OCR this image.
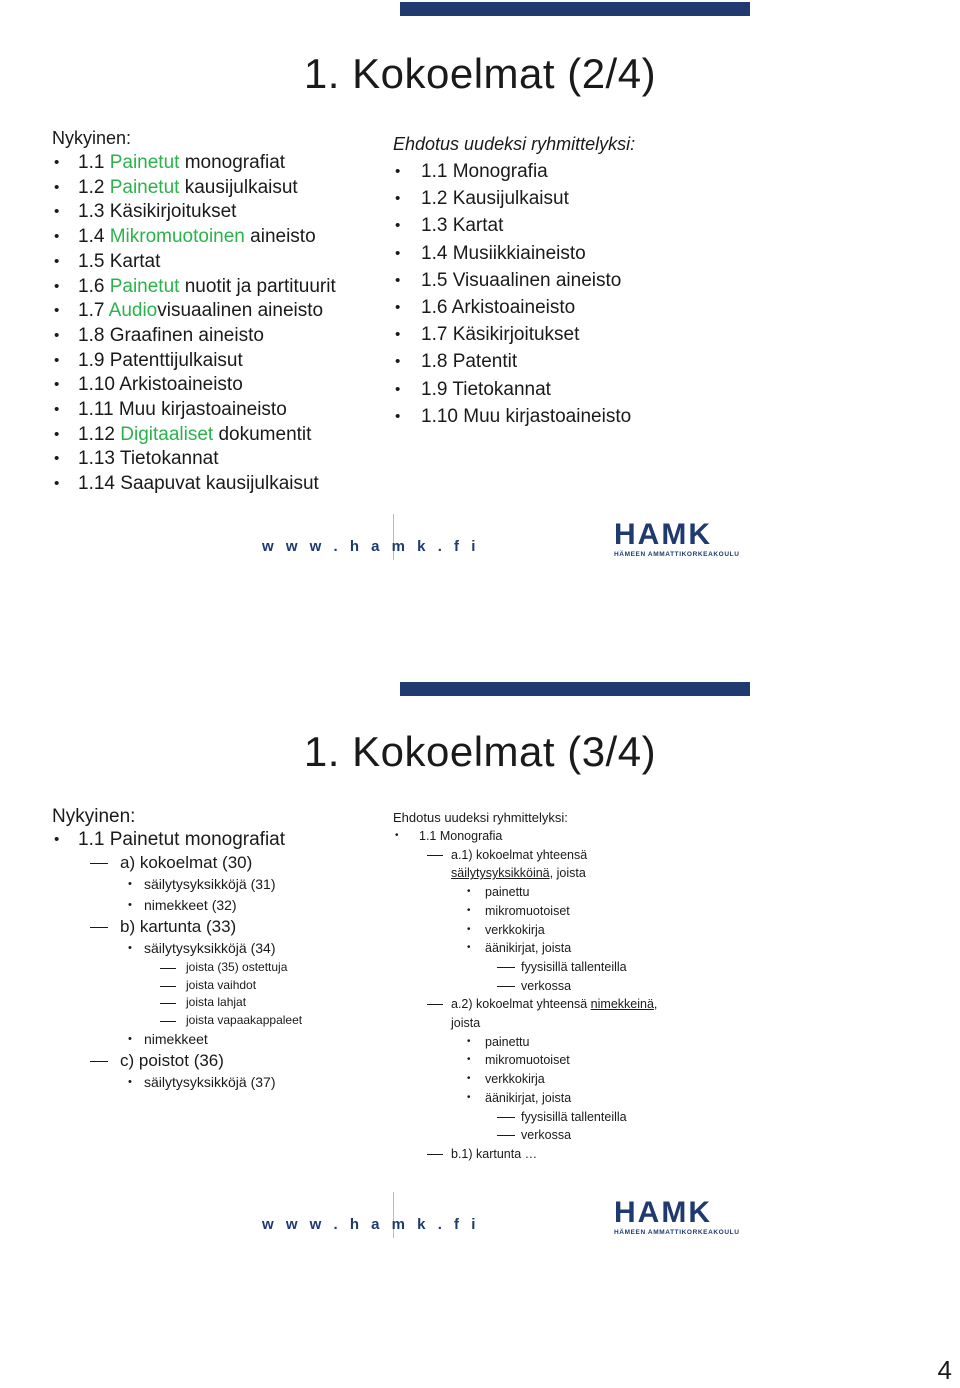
1. Kokoelmat (2/4)
Nykyinen:
• 1.1 Painetut monografiat
• 1.2 Painetut kausijulkaisut
• 1.3 Käsikirjoitukset
• 1.4 Mikromuotoinen aineisto
• 1.5 Kartat
• 1.6 Painetut nuotit ja partituurit
• 1.7 Audiovisuaalinen aineisto
• 1.8 Graafinen aineisto
• 1.9 Patenttijulkaisut
• 1.10 Arkistoaineisto
• 1.11 Muu kirjastoaineisto
• 1.12 Digitaaliset dokumentit
• 1.13 Tietokannat
• 1.14 Saapuvat kausijulkaisut
Ehdotus uudeksi ryhmittelyksi:
• 1.1 Monografia
• 1.2 Kausijulkaisut
• 1.3 Kartat
• 1.4 Musiikkiaineisto
• 1.5 Visuaalinen aineisto
• 1.6 Arkistoaineisto
• 1.7 Käsikirjoitukset
• 1.8 Patentit
• 1.9 Tietokannat
• 1.10 Muu kirjastoaineisto
w w w . h a m k . f i	HAMK
HÄMEEN AMMATTIKORKEAKOULU
1. Kokoelmat (3/4)
Nykyinen:
• 1.1 Painetut monografiat
a) kokoelmat (30)
• säilytysyksikköjä (31)
• nimekkeet (32)
b) kartunta (33)
• säilytysyksikköjä (34)
joista (35) ostettuja
joista vaihdot
joista lahjat
joista vapaakappaleet
• nimekkeet
c) poistot (36)
• säilytysyksikköjä (37)
Ehdotus uudeksi ryhmittelyksi:
• 1.1 Monografia
a.1) kokoelmat yhteensä
säilytysyksikköinä, joista
• painettu
• mikromuotoiset
• verkkokirja
• äänikirjat, joista
fyysisillä tallenteilla
verkossa
a.2) kokoelmat yhteensä nimekkeinä,
joista
• painettu
• mikromuotoiset
• verkkokirja
• äänikirjat, joista
fyysisillä tallenteilla
verkossa
b.1) kartunta …
w w w . h a m k . f i	HAMK
HÄMEEN AMMATTIKORKEAKOULU
4
